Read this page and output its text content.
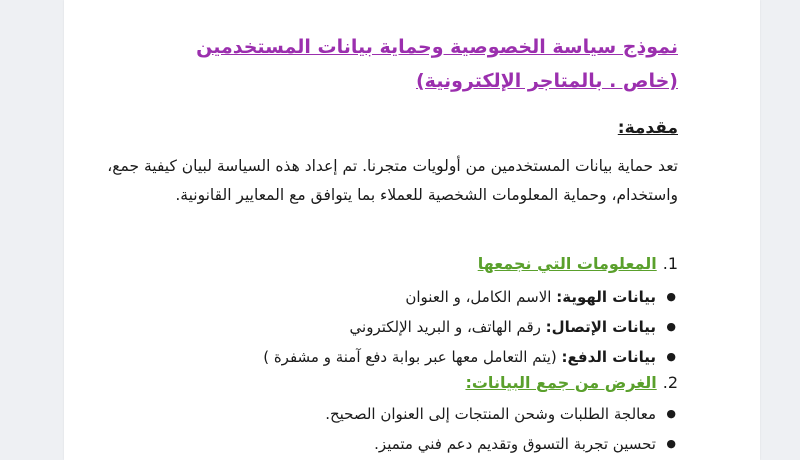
نموذج سياسة الخصوصية وحماية بيانات المستخدمين (خاص . بالمتاجر الإلكترونية)
مقدمة:
تعد حماية بيانات المستخدمين من أولويات متجرنا. تم إعداد هذه السياسة لبيان كيفية جمع، واستخدام، وحماية المعلومات الشخصية للعملاء بما يتوافق مع المعايير القانونية.
1.المعلومات التي نجمعها
● بيانات الهوية: الاسم الكامل، و العنوان
● بيانات الإتصال: رقم الهاتف، و البريد الإلكتروني
● بيانات الدفع: (يتم التعامل معها عبر بوابة دفع آمنة و مشفرة )
2.الغرض من جمع البيانات:
● معالجة الطلبات وشحن المنتجات إلى العنوان الصحيح.
● تحسين تجربة التسوق وتقديم دعم فني متميز.
